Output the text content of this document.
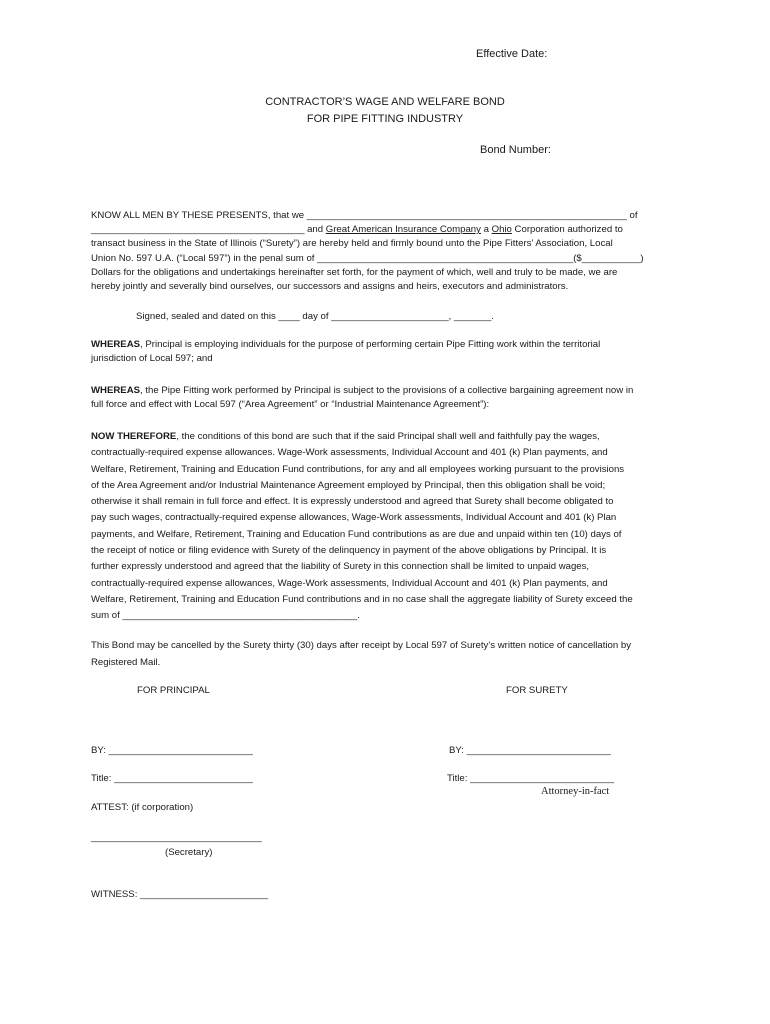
Effective Date:
CONTRACTOR’S WAGE AND WELFARE BOND
FOR PIPE FITTING INDUSTRY
Bond Number:
KNOW ALL MEN BY THESE PRESENTS, that we ____________________________________________________________ of
________________________________________ and Great American Insurance Company a Ohio Corporation authorized to
transact business in the State of Illinois (“Surety”) are hereby held and firmly bound unto the Pipe Fitters’ Association, Local
Union No. 597 U.A. (“Local 597”) in the penal sum of ________________________________________________($___________)
Dollars for the obligations and undertakings hereinafter set forth, for the payment of which, well and truly to be made, we are
hereby jointly and severally bind ourselves, our successors and assigns and heirs, executors and administrators.
Signed, sealed and dated on this ____ day of ______________________, _______.
WHEREAS, Principal is employing individuals for the purpose of performing certain Pipe Fitting work within the territorial
jurisdiction of Local 597; and
WHEREAS, the Pipe Fitting work performed by Principal is subject to the provisions of a collective bargaining agreement now in
full force and effect with Local 597 (“Area Agreement” or “Industrial Maintenance Agreement”):
NOW THEREFORE, the conditions of this bond are such that if the said Principal shall well and faithfully pay the wages,
contractually-required expense allowances. Wage-Work assessments, Individual Account and 401 (k) Plan payments, and
Welfare, Retirement, Training and Education Fund contributions, for any and all employees working pursuant to the provisions
of the Area Agreement and/or Industrial Maintenance Agreement employed by Principal, then this obligation shall be void;
otherwise it shall remain in full force and effect. It is expressly understood and agreed that Surety shall become obligated to
pay such wages, contractually-required expense allowances, Wage-Work assessments, Individual Account and 401 (k) Plan
payments, and Welfare, Retirement, Training and Education Fund contributions as are due and unpaid within ten (10) days of
the receipt of notice or filing evidence with Surety of the delinquency in payment of the above obligations by Principal. It is
further expressly understood and agreed that the liability of Surety in this connection shall be limited to unpaid wages,
contractually-required expense allowances, Wage-Work assessments, Individual Account and 401 (k) Plan payments, and
Welfare, Retirement, Training and Education Fund contributions and in no case shall the aggregate liability of Surety exceed the
sum of ____________________________________________.
This Bond may be cancelled by the Surety thirty (30) days after receipt by Local 597 of Surety’s written notice of cancellation by
Registered Mail.
FOR PRINCIPAL	FOR SURETY
BY: ___________________________	BY: ___________________________
Title: __________________________	Title: ___________________________
Attorney-in-fact
ATTEST: (if corporation)
________________________________
(Secretary)
WITNESS: ________________________
